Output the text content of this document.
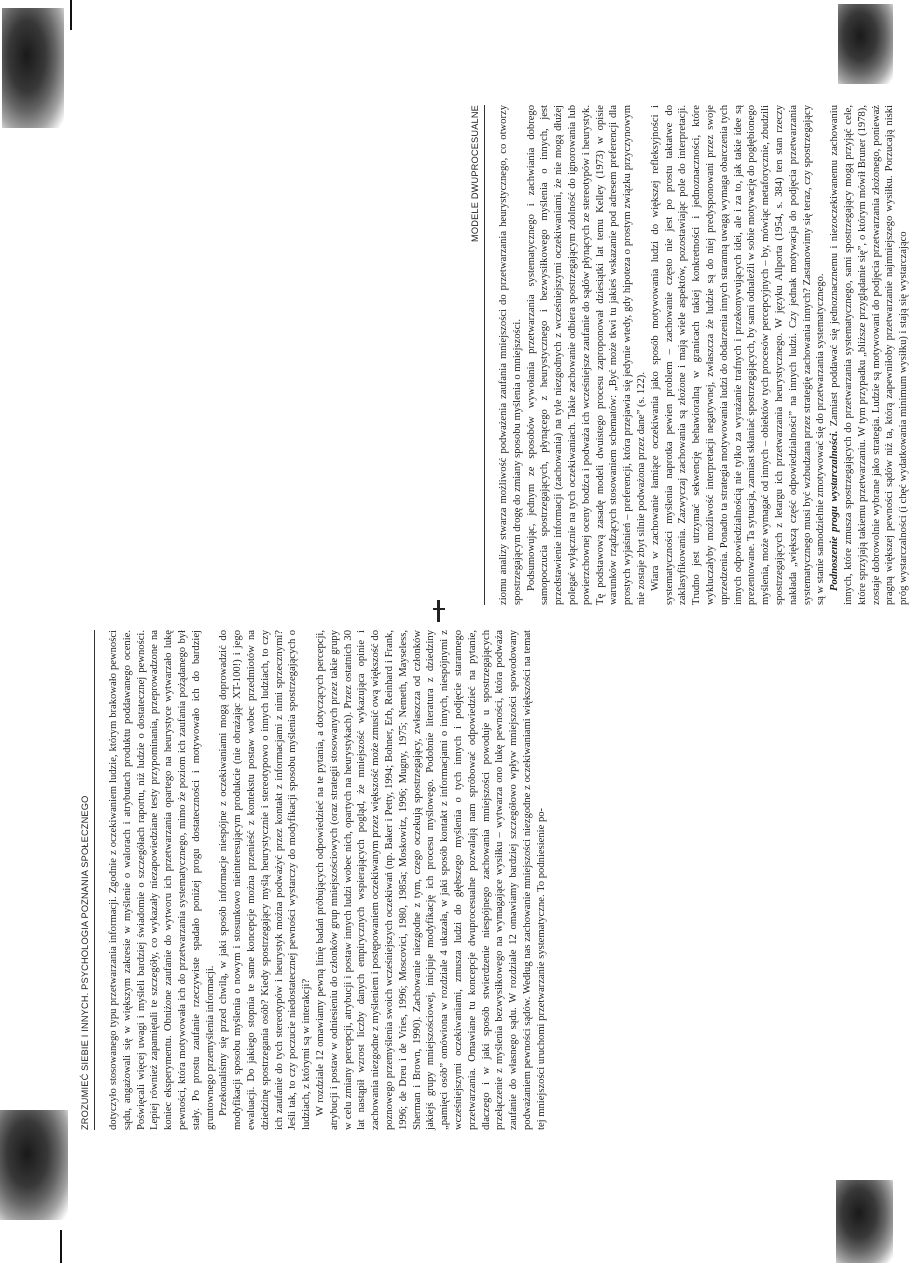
ZROZUMIEĆ SIEBIE I INNYCH. PSYCHOLOGIA POZNANIA SPOŁECZNEGO dotyczyło stosowanego typu przetwarzania informacji. Zgodnie z oczekiwaniem ludzie, którym brakowało pewności sądu, angażowali się w większym zakresie w myślenie o walorach i atrybutach produktu poddawanego ocenie. Poświęcali więcej uwagi i myśleli bardziej świadomie o szczegółach raportu, niż ludzie o dostatecznej pewności. Lepiej również zapamiętali te szczegóły, co wykazały niezapowiedziane testy przypominania, przeprowadzone na koniec eksperymentu. Obniżone zaufanie do wytworu ich przetwarzania opartego na heurystyce wytwarzało lukę pewności, która motywowała ich do przetwarzania systematycznego, mimo że poziom ich zaufania pożądanego był stały. Po prostu zaufanie rzeczywiste spadało poniżej progu dostateczności i motywowało ich do bardziej gruntownego przemyślenia informacji. Przekonaliśmy się przed chwilą, w jaki sposób informacje niespójne z oczekiwaniami mogą doprowadzić do modyfikacji sposobu myślenia o nowym i stosunkowo nieinteresującym produkcie (nie obrażając XT-100!) i jego ewaluacji. Do jakiego stopnia te same koncepcje można przenieść z kontekstu postaw wobec przedmiotów na dziedzinę spostrzegania osób? Kiedy spostrzegający myślą heurystycznie i stereotypowo o innych ludziach, to czy ich zaufanie do tych stereotypów i heurystyk można podważyć przez kontakt z informacjami z nimi sprzecznymi? Jeśli tak, to czy poczucie niedostatecznej pewności wystarczy do modyfikacji sposobu myślenia spostrzegających o ludziach, z którymi są w interakcji? W rozdziale 12 omawiamy pewną linię badań próbujących odpowiedzieć na te pytania, a dotyczących percepcji, atrybucji i postaw w odniesieniu do członków grup mniejszościowych (oraz strategii stosowanych przez takie grupy w celu zmiany percepcji, atrybucji i postaw innych ludzi wobec nich, opartych na heurystykach). Przez ostatnich 30 lat nastąpił wzrost liczby danych empirycznych wspierających pogląd, że mniejszość wykazująca opinie i zachowania niezgodne z myśleniem i postępowaniem oczekiwanym przez większość może zmusić ową większość do poznowego przemyślenia swoich wcześniejszych oczekiwań (np. Baker i Petty, 1994; Bohner, Erb, Reinhard i Frank, 1996; de Dreu i de Vries, 1996; Moscovici, 1980, 1985a; Moskowitz, 1996; Mugny, 1975; Nemeth, Mayseless, Sherman i Brown, 1990). Zachowanie niezgodne z tym, czego oczekują spostrzegający, zwłaszcza od członków jakiejś grupy mniejszościowej, inicjuje modyfikację ich procesu myślowego. Podobnie literatura z dziedziny „pamięci osób” omówiona w rozdziale 4 ukazała, w jaki sposób kontakt z informacjami o innych, niespójnymi z wcześniejszymi oczekiwaniami, zmusza ludzi do głębszego myślenia o tych innych i podjęcie starannego przetwarzania. Omawiane tu koncepcje dwuprocesualne pozwalają nam spróbować odpowiedzieć na pytanie, dlaczego i w jaki sposób stwierdzenie niespójnego zachowania mniejszości powoduje u spostrzegających przełączenie z myślenia bezwysiłkowego na wymagające wysiłku – wytwarza ono lukę pewności, która podważa zaufanie do własnego sądu. W rozdziale 12 omawiamy bardziej szczegółowo wpływ mniejszości spowodowany podważaniem pewności sądów. Według nas zachowanie mniejszości niezgodne z oczekiwaniami większości na temat tej mniejszości uruchomi przetwarzanie systematyczne. To podniesienie po-

MODELE DWUPROCESUALNE ziomu analizy stwarza możliwość podważenia zaufania mniejszości do przetwarzania heurystycznego, co otworzy spostrzegającym drogę do zmiany sposobu myślenia o mniejszości. Podsumowując, jednym ze sposobów wywołania przetwarzania systematycznego i zachwiania dobrego samopoczucia spostrzegających, płynącego z heurystycznego i bezwysiłkowego myślenia o innych, jest przedstawienie informacji (zachowania) na tyle niezgodnych z wcześniejszymi oczekiwaniami, że nie mogą dłużej polegać wyłącznie na tych oczekiwaniach. Takie zachowanie odbiera spostrzegającym zdolność do ignorowania lub powierzchownej oceny bodźca i podważa ich wcześniejsze zaufanie do sądów płynących ze stereotypów i heurystyk. Tę podstawową zasadę modeli dwuistego procesu zaproponował dziesiątki lat temu Kelley (1973) w opisie warunków rządzących stosowaniem schematów: „Być może tkwi tu jakieś wskazanie pod adresem preferencji dla prostych wyjaśnień – preferencji, która przejawia się jedynie wtedy, gdy hipoteza o prostym związku przyczynowym nie zostaje zbyt silnie podważona przez dane” (s. 122). Wiara w zachowanie łamiące oczekiwania jako sposób motywowania ludzi do większej refleksyjności i systematyczności myślenia naprotka pewien problem – zachowanie często nie jest po prostu taktatwe do zaklasyfikowania. Zazwyczaj zachowania są złożone i mają wiele aspektów, pozostawiając pole do interpretacji. Trudno jest utrzymać sekwencję behawioralną w granicach takiej konkretności i jednoznaczności, które wykluczałyby możliwość interpretacji negatywnej, zwłaszcza że ludzie są do niej predysponowani przez swoje uprzedzenia. Ponadto ta strategia motywowania ludzi do obdarzenia innych staranną uwagą wymaga obarczenia tych innych odpowiedzialnością nie tylko za wyrażanie trafnych i przekonywujących idei, ale i za to, jak takie idee są prezentowane. Ta sytuacja, zamiast skłaniać spostrzegających, by sami odnaleźli w sobie motywację do pogłębionego myślenia, może wymagać od innych – obiektów tych procesów percepcyjnych – by, mówiąc metaforycznie, zbudzili spostrzegających z letargu ich przetwarzania heurystycznego. W języku Allporta (1954, s. 384) ten stan rzeczy nakłada „większą część odpowiedzialności” na innych ludzi. Czy jednak motywacja do podjęcia przetwarzania systematycznego musi być wzbudzana przez strategię zachowania innych? Zastanowimy się teraz, czy spostrzegający są w stanie samodzielnie zmotywować się do przetwarzania systematycznego. Podnoszenie progu wystarczalności. Zamiast poddawać się jednoznacznemu i niezoczekiwanemu zachowaniu innych, które zmusza spostrzegających do przetwarzania systematycznego, sami spostrzegający mogą przyjąć cele, które sprzyjają takiemu przetwarzaniu. W tym przypadku „bliższe przyglądanie się”, o którym mówił Bruner (1978), zostaje dobrowolnie wybrane jako strategia. Ludzie są motywowani do podjęcia przetwarzania złożonego, ponieważ pragną większej pewności sądów niż ta, którą zapewniłoby przetwarzanie najmniejszego wysiłku. Porzucają niski próg wystarczalności (i chęć wydatkowania minimum wysiłku) i stają się wystarczająco
